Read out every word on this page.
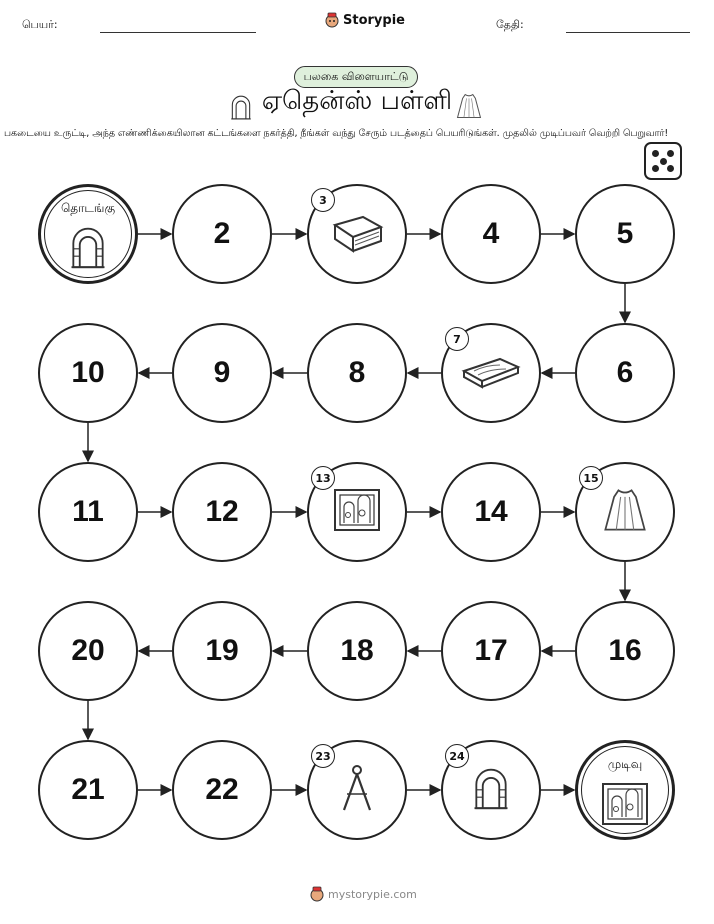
பெயர்:	Storypie	தேதி:
பலகை விளையாட்டு
ஏதென்ஸ் பள்ளி
பகடையை உருட்டி, அந்த எண்ணிக்கையிலான கட்டங்களை நகர்த்தி, நீங்கள் வந்து சேரும் படத்தைப் பெயரிடுங்கள். முதலில் முடிப்பவர் வெற்றி பெறுவார்!
தொடங்கு
2
3
4	5
6
7
8
9
10
11	12
13
14
15
16
17
18
19
20
21	22
23	24
முடிவு
mystorypie.com
